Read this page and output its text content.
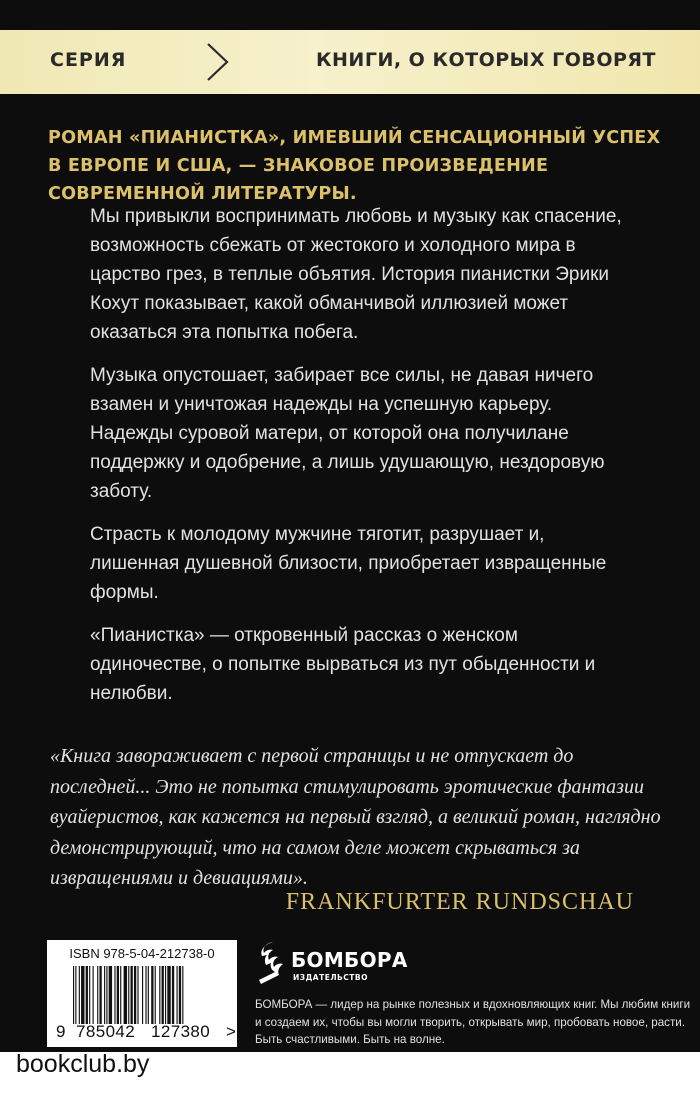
СЕРИЯ	КНИГИ, О КОТОРЫХ ГОВОРЯТ

РОМАН «ПИАНИСТКА», ИМЕВШИЙ СЕНСАЦИОННЫЙ УСПЕХ В ЕВРОПЕ И США, — ЗНАКОВОЕ ПРОИЗВЕДЕНИЕ СОВРЕМЕННОЙ ЛИТЕРАТУРЫ.

Мы привыкли воспринимать любовь и музыку как спасение, возможность сбежать от жестокого и холодного мира в царство грез, в теплые объятия. История пианистки Эрики Кохут показывает, какой обманчивой иллюзией может оказаться эта попытка побега.

Музыка опустошает, забирает все силы, не давая ничего взамен и уничтожая надежды на успешную карьеру. Надежды суровой матери, от которой она получилане поддержку и одобрение, а лишь удушающую, нездоровую заботу.

Страсть к молодому мужчине тяготит, разрушает и, лишенная душевной близости, приобретает извращенные формы.

«Пианистка» — откровенный рассказ о женском одиночестве, о попытке вырваться из пут обыденности и нелюбви.

«Книга завораживает с первой страницы и не отпускает до последней... Это не попытка стимулировать эротические фантазии вуайеристов, как кажется на первый взгляд, а великий роман, наглядно демонстрирующий, что на самом деле может скрываться за извращениями и девиациями».

FRANKFURTER RUNDSCHAU
ISBN 978-5-04-212738-0
9 785042 127380 >
БОМБОРА
ИЗДАТЕЛЬСТВО

БОМБОРА — лидер на рынке полезных и вдохновляющих книг. Мы любим книги и создаем их, чтобы вы могли творить, открывать мир, пробовать новое, расти. Быть счастливыми. Быть на волне.

bookclub.by
